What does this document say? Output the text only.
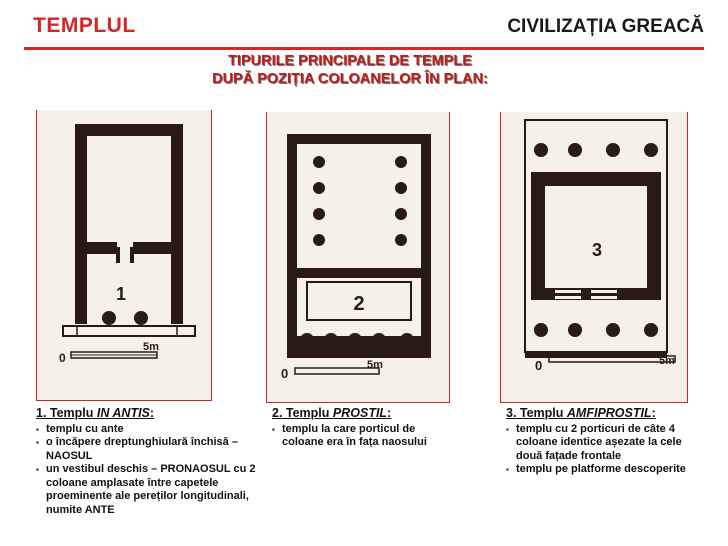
TEMPLUL	CIVILIZAȚIA GREACĂ
TIPURILE PRINCIPALE DE TEMPLE
DUPĂ POZIȚIA COLOANELOR ÎN PLAN:
1
0
5m
2
0
5m
3
0	5m
1. Templu IN ANTIS:
▪ templu cu ante
▪ o încăpere dreptunghiulară închisă – NAOSUL
▪ un vestibul deschis – PRONAOSUL cu 2 coloane amplasate între capetele proeminente ale pereților longitudinali, numite ANTE
2. Templu PROSTIL:
▪ templu la care porticul de coloane era în fața naosului
3. Templu AMFIPROSTIL:
▪ templu cu 2 porticuri de câte 4 coloane identice așezate la cele două fațade frontale
▪ templu pe platforme descoperite
